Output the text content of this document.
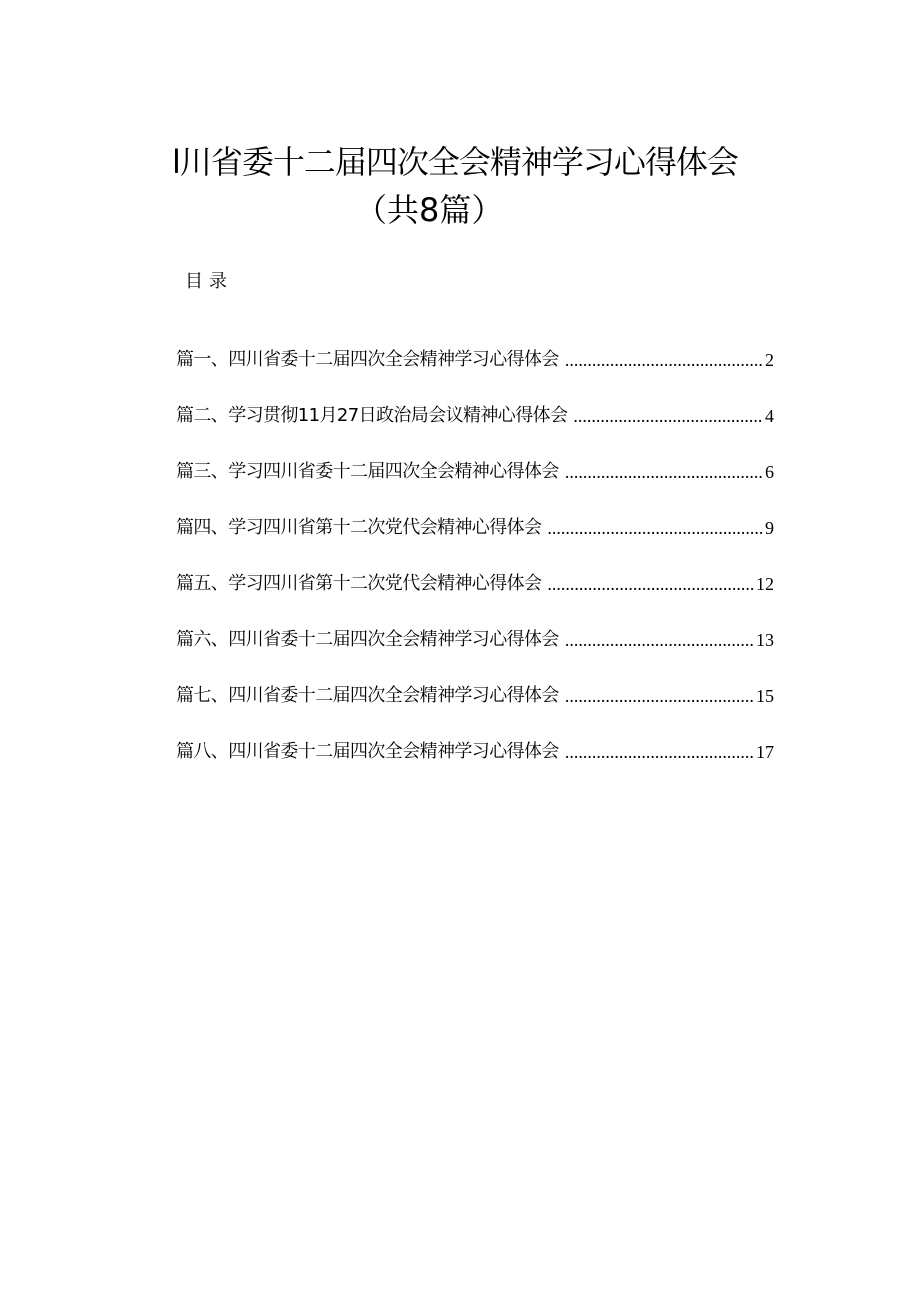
l川省委十二届四次全会精神学习心得体会
（共8篇）
目录
篇一、四川省委十二届四次全会精神学习心得体会 .....	2
篇二、学习贯彻11月27日政治局会议精神心得体会 .....	4
篇三、学习四川省委十二届四次全会精神心得体会 .....	6
篇四、学习四川省第十二次党代会精神心得体会 .....	9
篇五、学习四川省第十二次党代会精神心得体会 .....	12
篇六、四川省委十二届四次全会精神学习心得体会 .....	13
篇七、四川省委十二届四次全会精神学习心得体会 .....	15
篇八、四川省委十二届四次全会精神学习心得体会 .....	17
